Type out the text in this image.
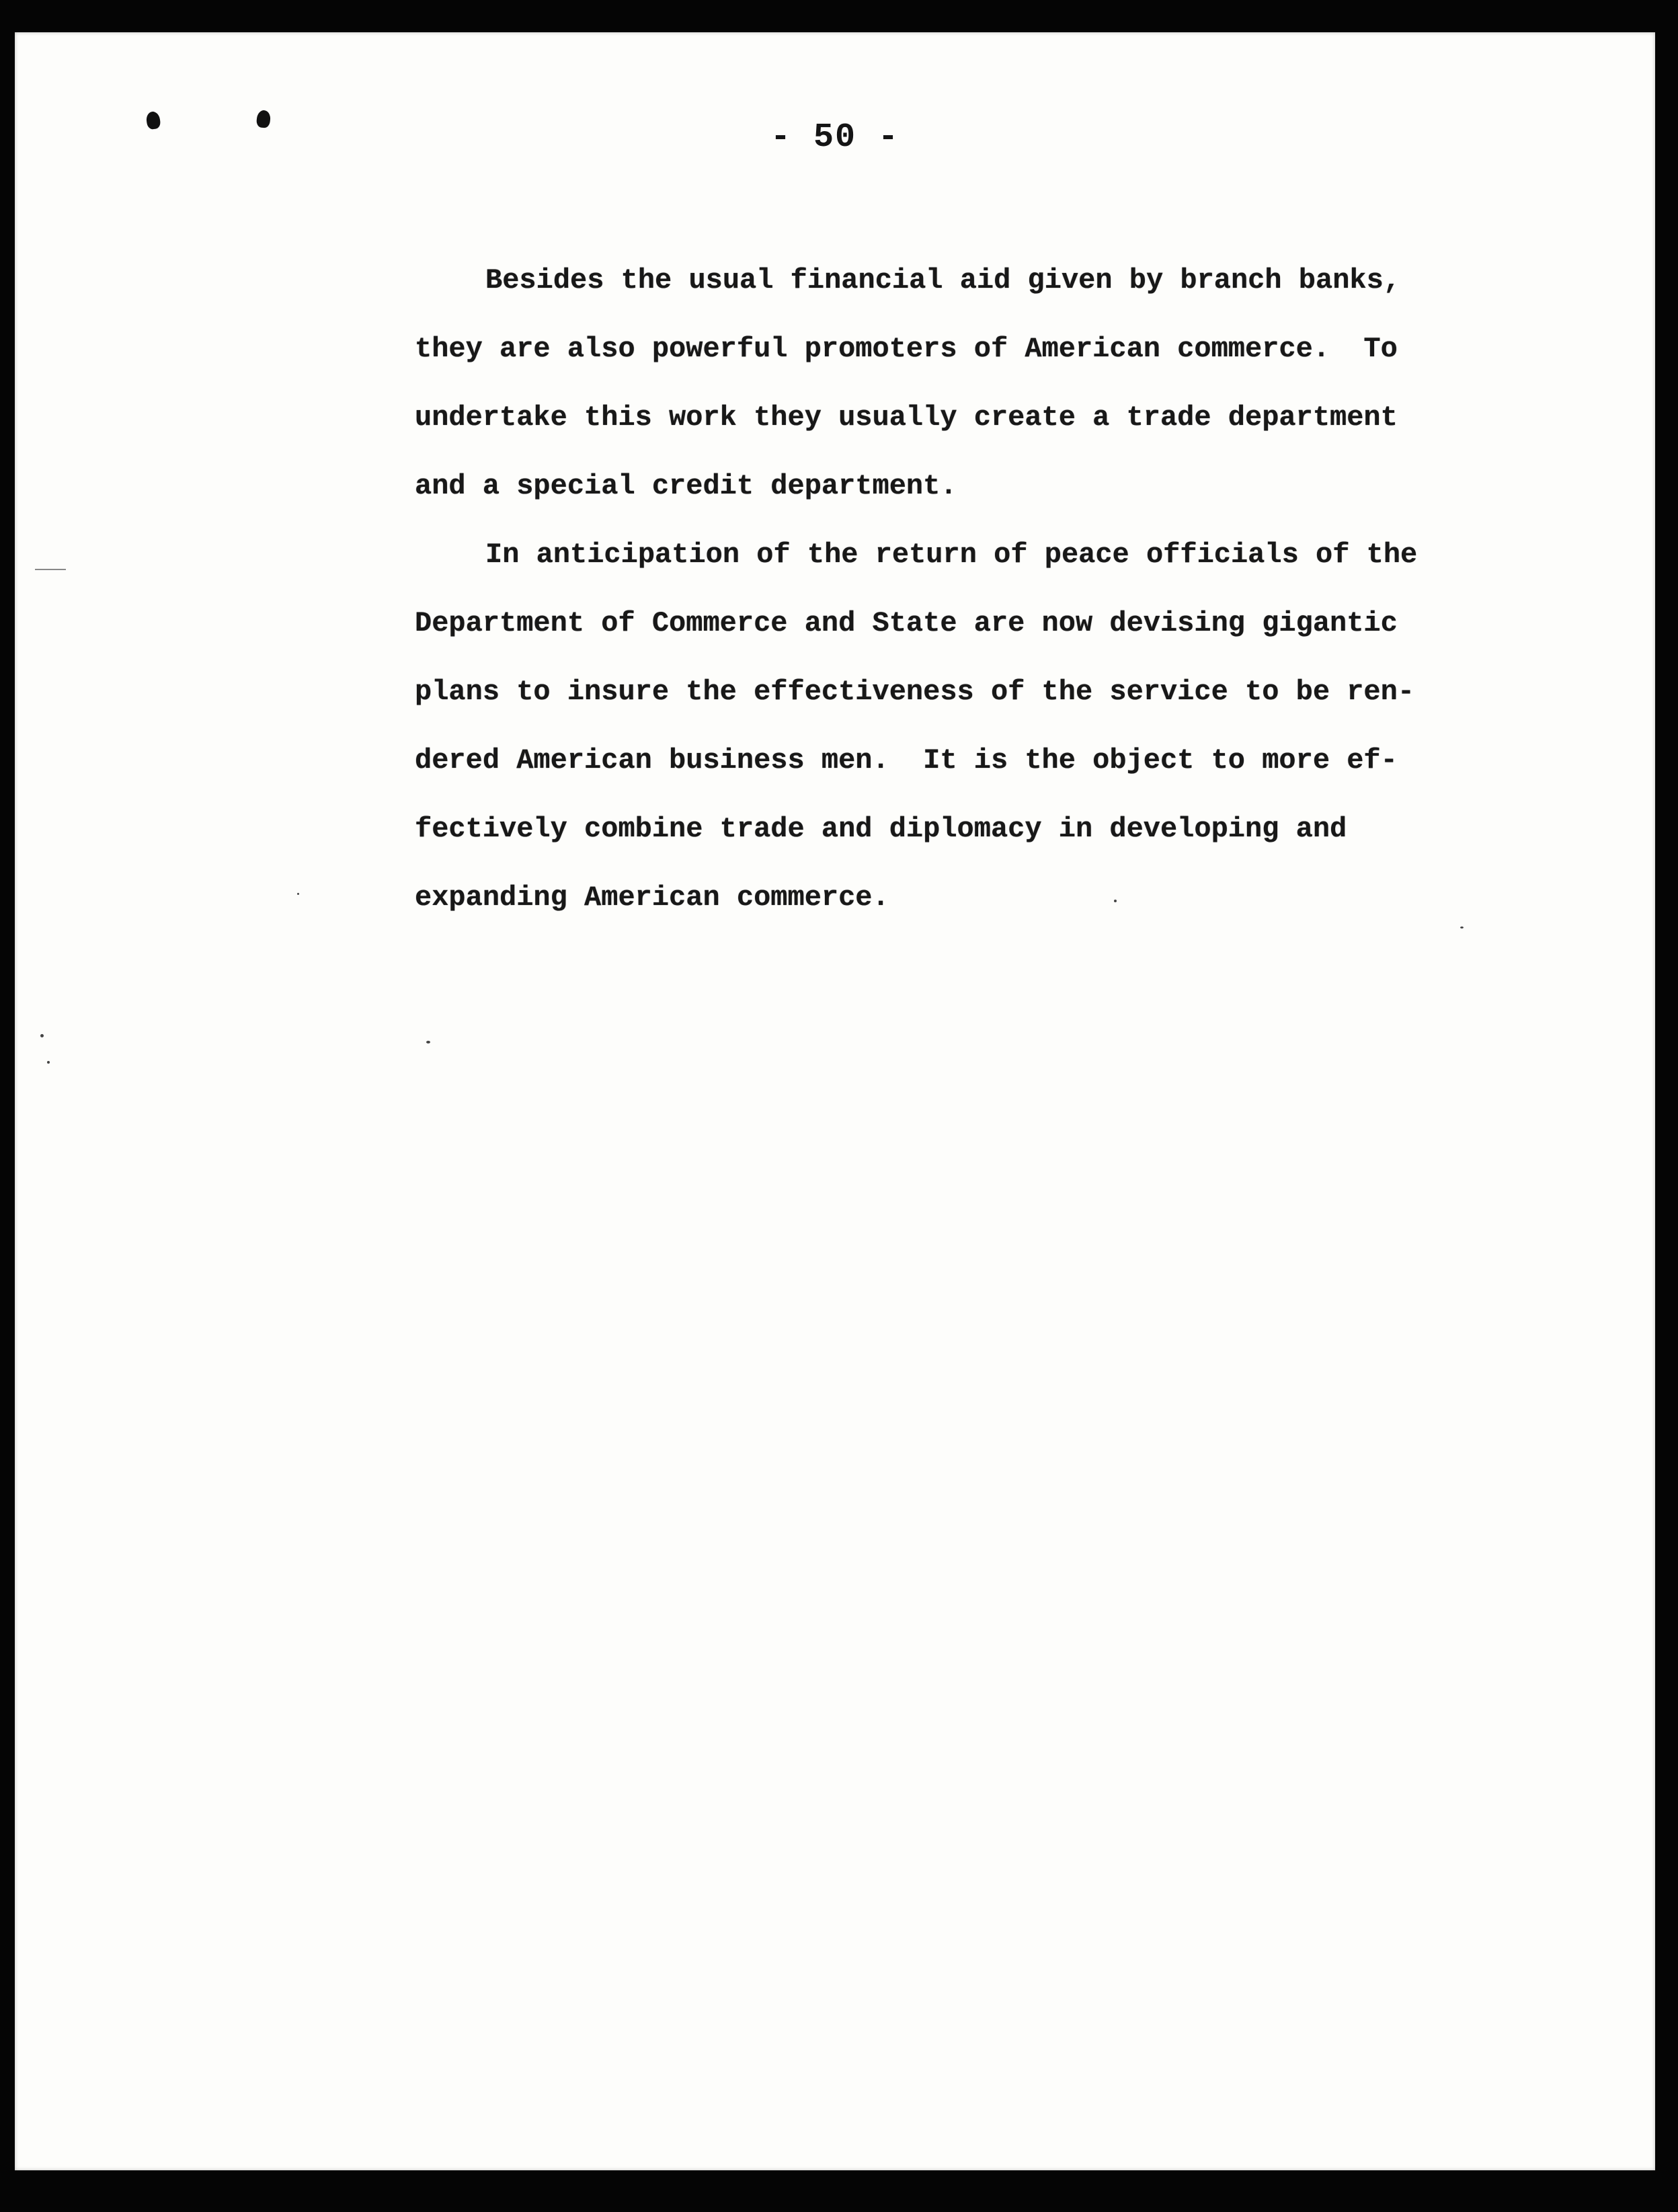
- 50 -

Besides the usual financial aid given by branch banks,
they are also powerful promoters of American commerce.  To
undertake this work they usually create a trade department
and a special credit department.

In anticipation of the return of peace officials of the
Department of Commerce and State are now devising gigantic
plans to insure the effectiveness of the service to be ren-
dered American business men.  It is the object to more ef-
fectively combine trade and diplomacy in developing and
expanding American commerce.
